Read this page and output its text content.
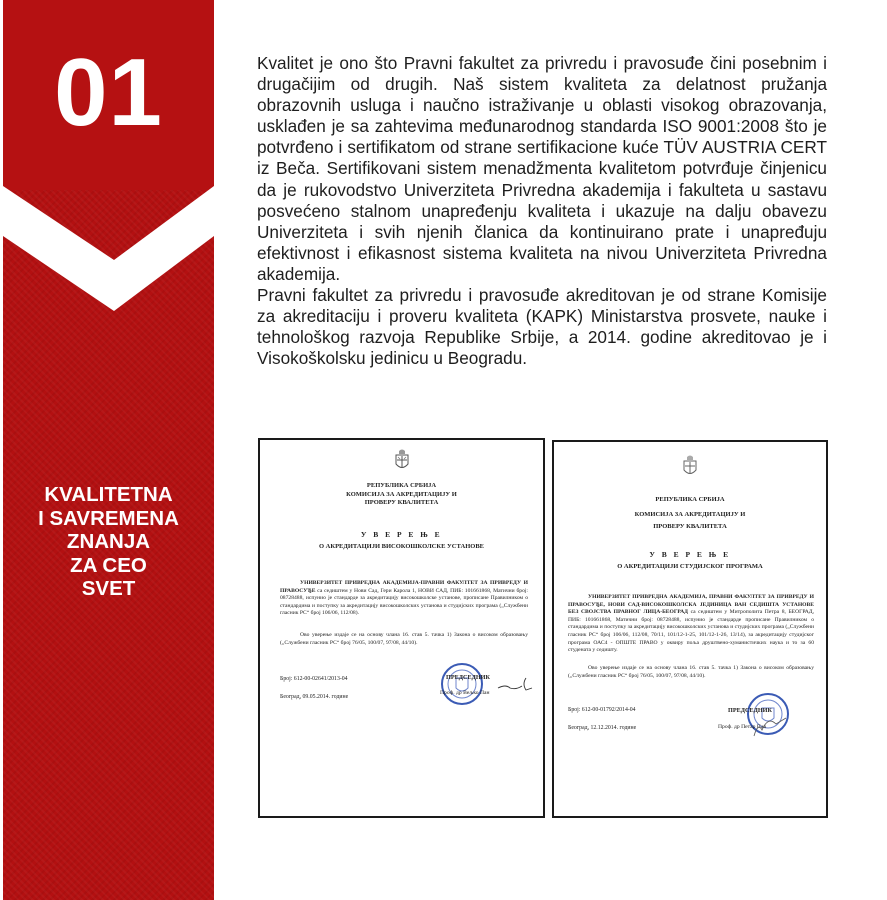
01
KVALITETNA
I SAVREMENA
ZNANJA
ZA CEO
SVET

Kvalitet je ono što Pravni fakultet za privredu i pravosuđe čini posebnim i drugačijim od drugih. Naš sistem kvaliteta za delatnost pružanja obrazovnih usluga i naučno istraživanje u oblasti visokog obrazovanja, usklađen je sa zahtevima međunarodnog standarda ISO 9001:2008 što je potvrđeno i sertifikatom od strane sertifikacione kuće TÜV AUSTRIA CERT iz Beča. Sertifikovani sistem menadžmenta kvalitetom potvrđuje činjenicu da je rukovodstvo Univerziteta Privredna akademija i fakulteta u sastavu posvećeno stalnom unapređenju kvaliteta i ukazuje na dalju obavezu Univerziteta i svih njenih članica da kontinuirano prate i unapređuju efektivnost i efikasnost sistema kvaliteta na nivou Univerziteta Privredna akademija.

Pravni fakultet za privredu i pravosuđe akreditovan je od strane Komisije za akreditaciju i proveru kvaliteta (KAPK) Ministarstva prosvete, nauke i tehnološkog razvoja Republike Srbije, a 2014. godine akreditovao je i Visokoškolsku jedinicu u Beogradu.

РЕПУБЛИКА СРБИЈА
КОМИСИЈА ЗА АКРЕДИТАЦИЈУ И
ПРОВЕРУ КВАЛИТЕТА
У В Е Р Е Њ Е
О АКРЕДИТАЦИЈИ ВИСОКОШКОЛСКЕ УСТАНОВЕ
УНИВЕРЗИТЕТ ПРИВРЕДНА АКАДЕМИЈА-ПРАВНИ ФАКУЛТЕТ ЗА ПРИВРЕДУ И ПРАВОСУЂЕ са седиштем у Нови Сад, Гери Карола 1, НОВИ САД, ПИБ: 101661868, Матични број: 08728488, испунио је стандарде за акредитацију високошколске установе, прописане Правилником о стандардима и поступку за акредитацију високошколских установа и студијских програма („Службени гласник РС“ број 106/06, 112/08).
Ово уверење издаје се на основу члана 16. став 5. тачка 1) Закона о високом образовању („Службени гласник РС“ број 76/05, 100/07, 97/08, 44/10).
Број: 612-00-02641/2013-04
Београд, 09.05.2014. године
ПРЕДСЕДНИК
Проф. др Вељко Пан
РЕПУБЛИКА СРБИЈА
КОМИСИЈА ЗА АКРЕДИТАЦИЈУ И
ПРОВЕРУ КВАЛИТЕТА
У В Е Р Е Њ Е
О АКРЕДИТАЦИЈИ СТУДИЈСКОГ ПРОГРАМА
УНИВЕРЗИТЕТ ПРИВРЕДНА АКАДЕМИЈА, ПРАВНИ ФАКУЛТЕТ ЗА ПРИВРЕДУ И ПРАВОСУЂЕ, НОВИ САД-ВИСОКОШКОЛСКА ЈЕДИНИЦА ВАН СЕДИШТА УСТАНОВЕ БЕЗ СВОЈСТВА ПРАВНОГ ЛИЦА-БЕОГРАД са седиштем у Митрополита Петра 8, БЕОГРАД, ПИБ: 101661868, Матични број: 08728488, испунио је стандарде прописане Правилником о стандардима и поступку за акредитацију високошколских установа и студијских програма („Службени гласник РС“ број 106/06, 112/08, 70/11, 101/12-1-25, 101/12-1-26, 13/14), за акредитацију студијског програма ОАС4 - ОПШТЕ ПРАВО у оквиру поља друштвено-хуманистичких наука и то за 60 студената у седишту.
Ово уверење издаје се на основу члана 16. став 5. тачка 1) Закона о високом образовању („Службени гласник РС“ број 76/05, 100/07, 97/08, 44/10).
Број: 612-00-01792/2014-04
Београд, 12.12.2014. године
ПРЕДСЕДНИК
Проф. др Петар Пав
